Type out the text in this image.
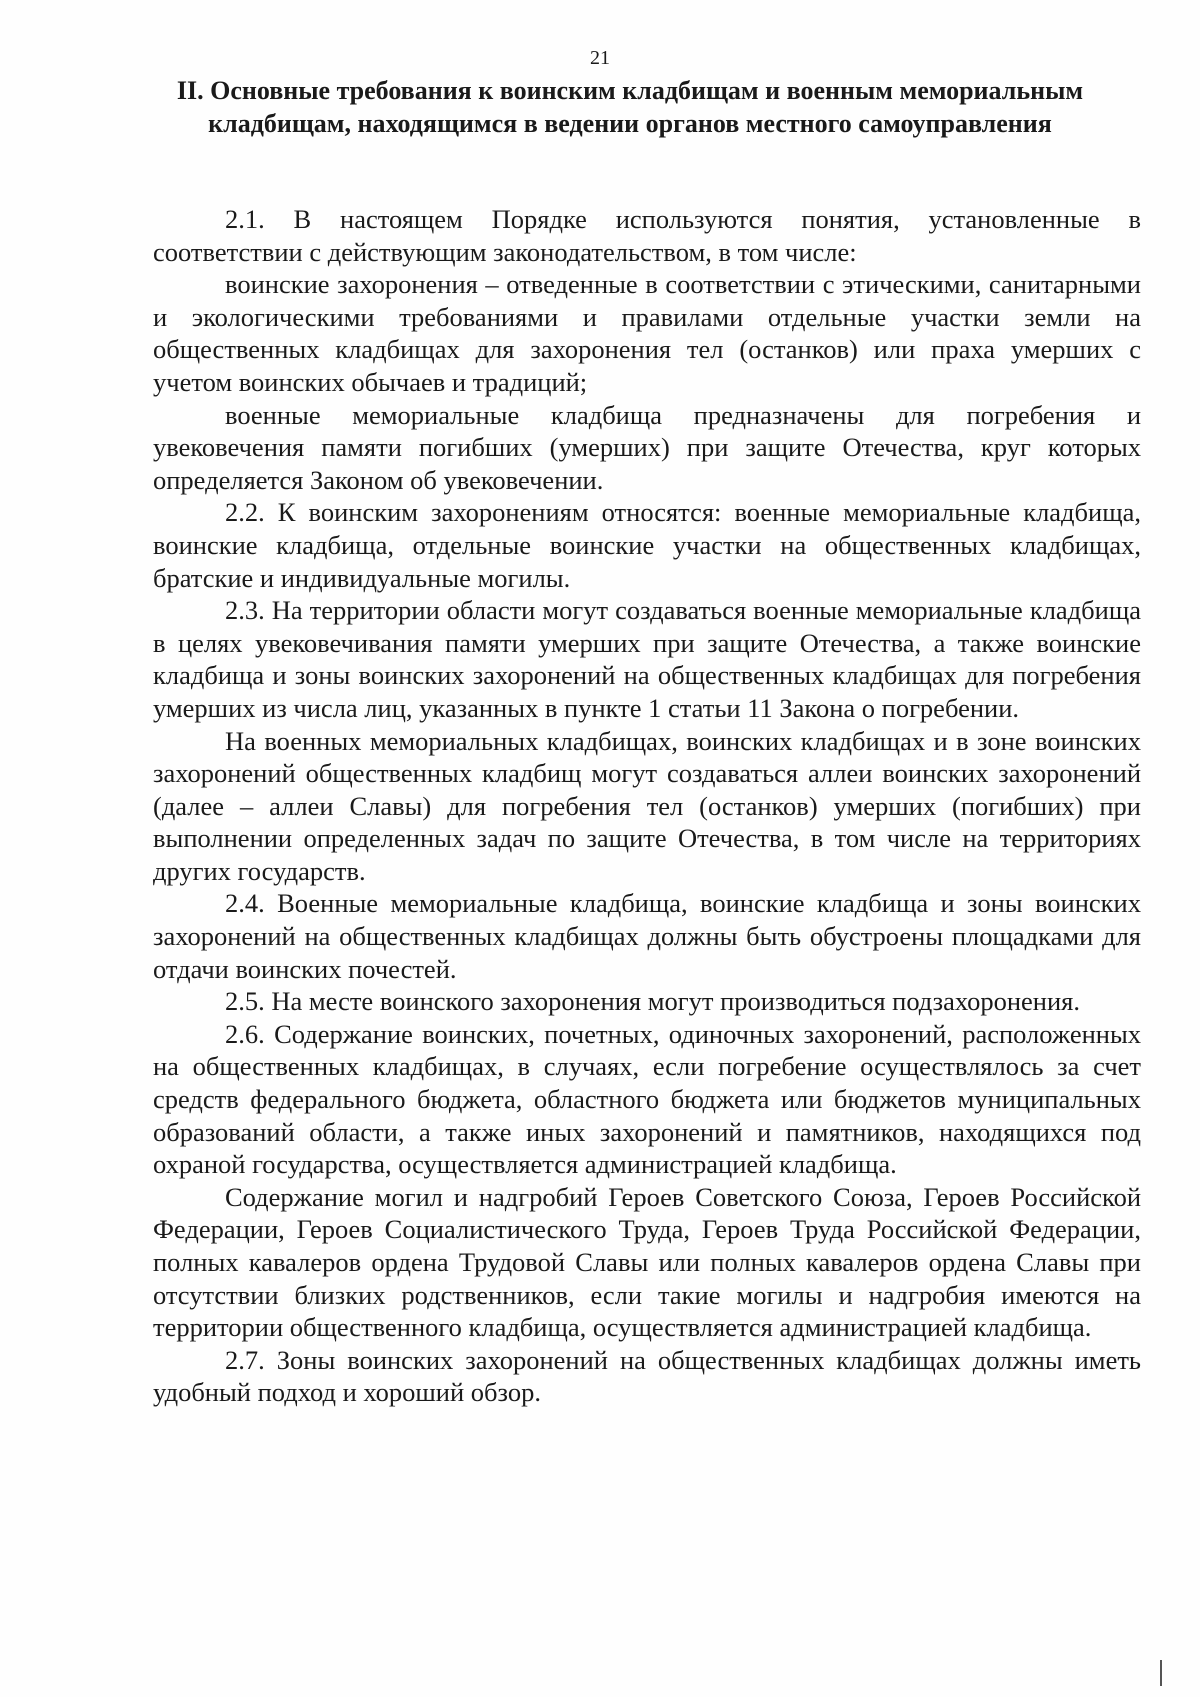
21
II. Основные требования к воинским кладбищам и военным мемориальным кладбищам, находящимся в ведении органов местного самоуправления

2.1. В настоящем Порядке используются понятия, установленные в соответствии с действующим законодательством, в том числе:

воинские захоронения – отведенные в соответствии с этическими, санитарными и экологическими требованиями и правилами отдельные участки земли на общественных кладбищах для захоронения тел (останков) или праха умерших с учетом воинских обычаев и традиций;

военные мемориальные кладбища предназначены для погребения и увековечения памяти погибших (умерших) при защите Отечества, круг которых определяется Законом об увековечении.

2.2. К воинским захоронениям относятся: военные мемориальные кладбища, воинские кладбища, отдельные воинские участки на общественных кладбищах, братские и индивидуальные могилы.

2.3. На территории области могут создаваться военные мемориальные кладбища в целях увековечивания памяти умерших при защите Отечества, а также воинские кладбища и зоны воинских захоронений на общественных кладбищах для погребения умерших из числа лиц, указанных в пункте 1 статьи 11 Закона о погребении.

На военных мемориальных кладбищах, воинских кладбищах и в зоне воинских захоронений общественных кладбищ могут создаваться аллеи воинских захоронений (далее – аллеи Славы) для погребения тел (останков) умерших (погибших) при выполнении определенных задач по защите Отечества, в том числе на территориях других государств.

2.4. Военные мемориальные кладбища, воинские кладбища и зоны воинских захоронений на общественных кладбищах должны быть обустроены площадками для отдачи воинских почестей.

2.5. На месте воинского захоронения могут производиться подзахоронения.

2.6. Содержание воинских, почетных, одиночных захоронений, расположенных на общественных кладбищах, в случаях, если погребение осуществлялось за счет средств федерального бюджета, областного бюджета или бюджетов муниципальных образований области, а также иных захоронений и памятников, находящихся под охраной государства, осуществляется администрацией кладбища.

Содержание могил и надгробий Героев Советского Союза, Героев Российской Федерации, Героев Социалистического Труда, Героев Труда Российской Федерации, полных кавалеров ордена Трудовой Славы или полных кавалеров ордена Славы при отсутствии близких родственников, если такие могилы и надгробия имеются на территории общественного кладбища, осуществляется администрацией кладбища.

2.7. Зоны воинских захоронений на общественных кладбищах должны иметь удобный подход и хороший обзор.
